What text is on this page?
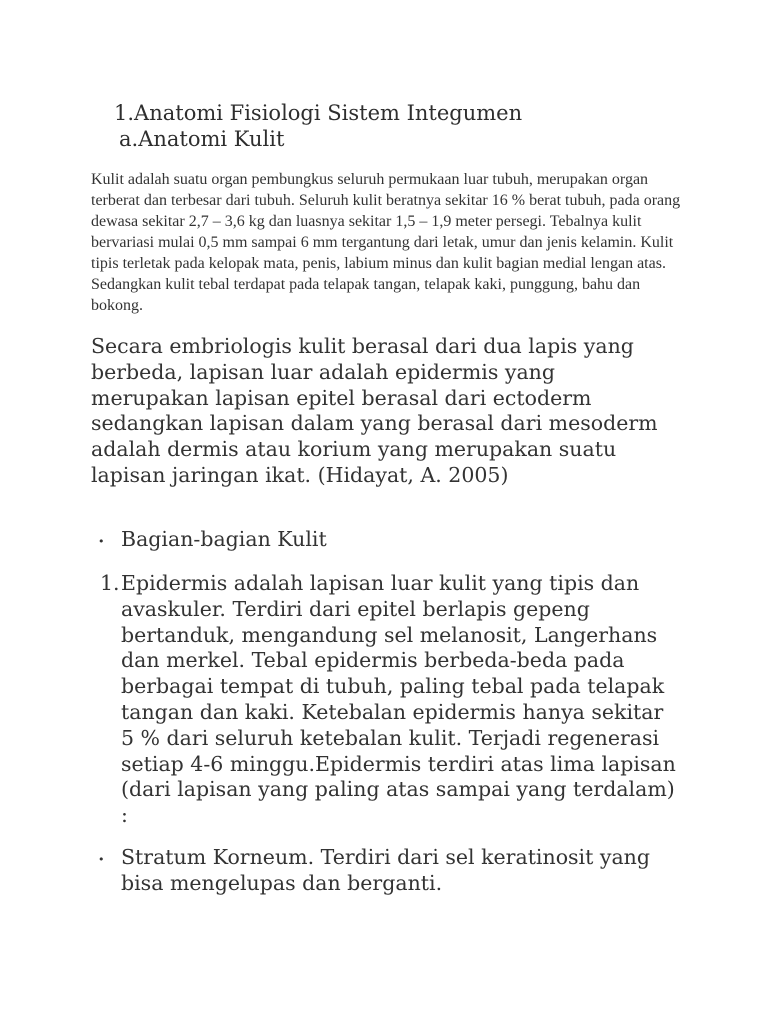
1.Anatomi Fisiologi Sistem Integumen
a.Anatomi Kulit

Kulit adalah suatu organ pembungkus seluruh permukaan luar tubuh, merupakan organ terberat dan terbesar dari tubuh. Seluruh kulit beratnya sekitar 16 % berat tubuh, pada orang dewasa sekitar 2,7 – 3,6 kg dan luasnya sekitar 1,5 – 1,9 meter persegi. Tebalnya kulit bervariasi mulai 0,5 mm sampai 6 mm tergantung dari letak, umur dan jenis kelamin. Kulit tipis terletak pada kelopak mata, penis, labium minus dan kulit bagian medial lengan atas. Sedangkan kulit tebal terdapat pada telapak tangan, telapak kaki, punggung, bahu dan bokong.

Secara embriologis kulit berasal dari dua lapis yang berbeda, lapisan luar adalah epidermis yang merupakan lapisan epitel berasal dari ectoderm sedangkan lapisan dalam yang berasal dari mesoderm adalah dermis atau korium yang merupakan suatu lapisan jaringan ikat. (Hidayat, A. 2005)

• Bagian-bagian Kulit
1. Epidermis adalah lapisan luar kulit yang tipis dan avaskuler. Terdiri dari epitel berlapis gepeng bertanduk, mengandung sel melanosit, Langerhans dan merkel. Tebal epidermis berbeda-beda pada berbagai tempat di tubuh, paling tebal pada telapak tangan dan kaki. Ketebalan epidermis hanya sekitar 5 % dari seluruh ketebalan kulit. Terjadi regenerasi setiap 4-6 minggu.Epidermis terdiri atas lima lapisan (dari lapisan yang paling atas sampai yang terdalam) :

• Stratum Korneum. Terdiri dari sel keratinosit yang bisa mengelupas dan berganti.
